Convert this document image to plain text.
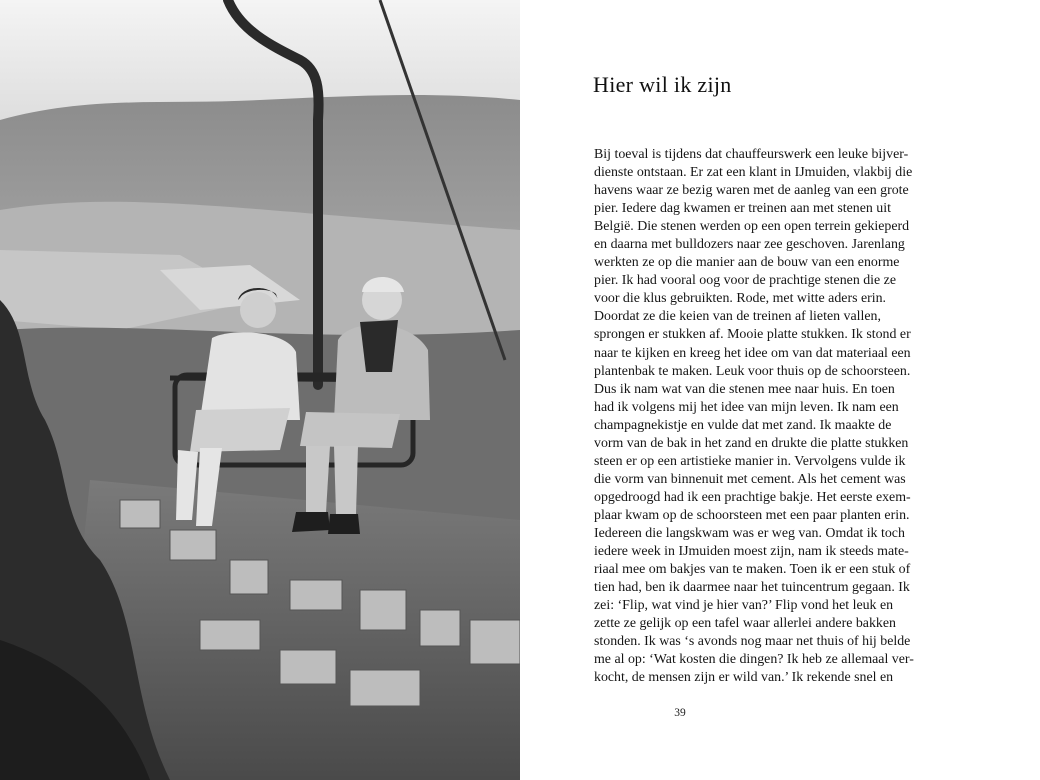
Hier wil ik zijn
Bij toeval is tijdens dat chauffeurswerk een leuke bijver-
dienste ontstaan. Er zat een klant in IJmuiden, vlakbij die
havens waar ze bezig waren met de aanleg van een grote
pier. Iedere dag kwamen er treinen aan met stenen uit
België. Die stenen werden op een open terrein gekieperd
en daarna met bulldozers naar zee geschoven. Jarenlang
werkten ze op die manier aan de bouw van een enorme
pier. Ik had vooral oog voor de prachtige stenen die ze
voor die klus gebruikten. Rode, met witte aders erin.
Doordat ze die keien van de treinen af lieten vallen,
sprongen er stukken af. Mooie platte stukken. Ik stond er
naar te kijken en kreeg het idee om van dat materiaal een
plantenbak te maken. Leuk voor thuis op de schoorsteen.
Dus ik nam wat van die stenen mee naar huis. En toen
had ik volgens mij het idee van mijn leven. Ik nam een
champagnekistje en vulde dat met zand. Ik maakte de
vorm van de bak in het zand en drukte die platte stukken
steen er op een artistieke manier in. Vervolgens vulde ik
die vorm van binnenuit met cement. Als het cement was
opgedroogd had ik een prachtige bakje. Het eerste exem-
plaar kwam op de schoorsteen met een paar planten erin.
Iedereen die langskwam was er weg van. Omdat ik toch
iedere week in IJmuiden moest zijn, nam ik steeds mate-
riaal mee om bakjes van te maken. Toen ik er een stuk of
tien had, ben ik daarmee naar het tuincentrum gegaan. Ik
zei: ‘Flip, wat vind je hier van?’ Flip vond het leuk en
zette ze gelijk op een tafel waar allerlei andere bakken
stonden. Ik was ‘s avonds nog maar net thuis of hij belde
me al op: ‘Wat kosten die dingen? Ik heb ze allemaal ver-
kocht, de mensen zijn er wild van.’ Ik rekende snel en
39
